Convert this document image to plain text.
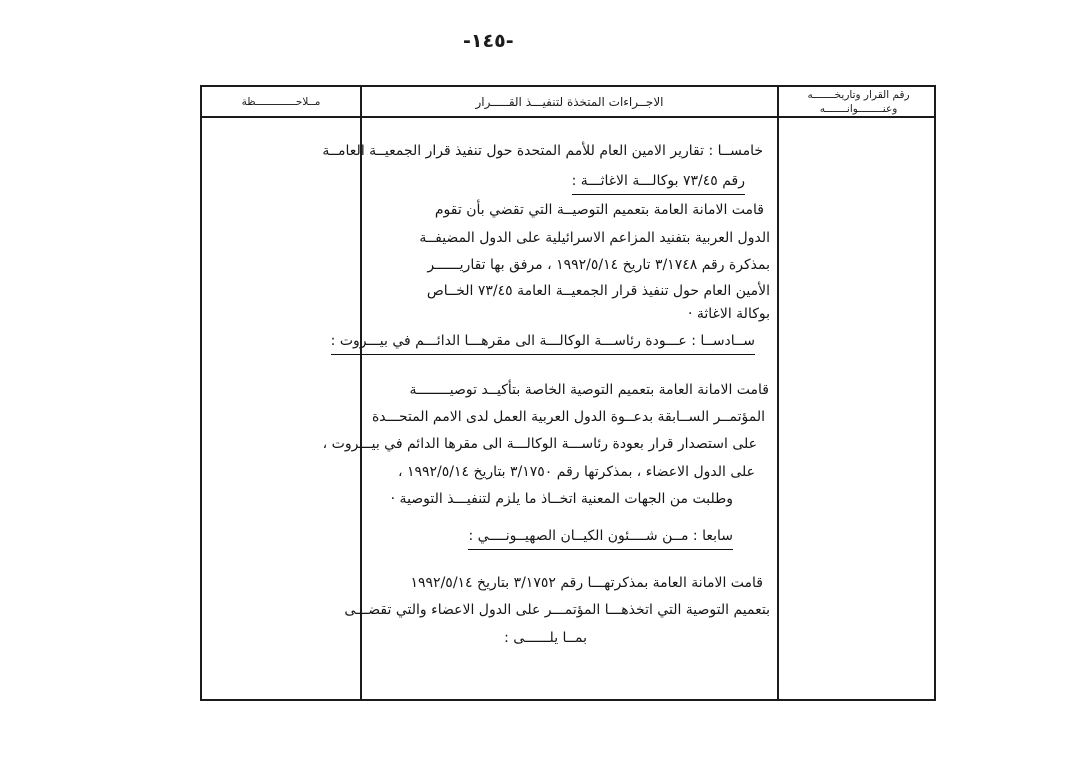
-١٤٥-
مــلاحـــــــــــــظة	الاجــراءات المتخذة لتنفيـــذ القـــــرار	رقم القرار وتاريخـــــــه
وعنــــــــوانـــــــه
خامســا : تقارير الامين العام للأمم المتحدة حول تنفيذ قرار الجمعيــة العامــة
رقم ٧٣/٤٥ بوكالـــة الاغاثـــة :
قامت الامانة العامة بتعميم التوصيــة التي تقضي بأن تقوم
الدول العربية بتفنيد المزاعم الاسرائيلية على الدول المضيفــة
بمذكرة رقم ٣/١٧٤٨ تاريخ ١٩٩٢/٥/١٤ ، مرفق بها تقاريــــــر
الأمين العام حول تنفيذ قرار الجمعيــة العامة ٧٣/٤٥ الخــاص
بوكالة الاغاثة ·
ســادســا : عـــودة رئاســـة الوكالـــة الى مقرهـــا الدائـــم في بيـــروت :
قامت الامانة العامة بتعميم التوصية الخاصة بتأكيــد توصيــــــــة
المؤتمــر الســابقة بدعــوة الدول العربية العمل لدى الامم المتحـــدة
على استصدار قرار بعودة رئاســـة الوكالـــة الى مقرها الدائم في بيـــروت ،
على الدول الاعضاء ، بمذكرتها رقم ٣/١٧٥٠ بتاريخ ١٩٩٢/٥/١٤ ،
وطلبت من الجهات المعنية اتخــاذ ما يلزم لتنفيـــذ التوصية ·
سابعا : مــن شــــئون الكيــان الصهيــونــــي :
قامت الامانة العامة بمذكرتهـــا رقم ٣/١٧٥٢ بتاريخ ١٩٩٢/٥/١٤
بتعميم التوصية التي اتخذهـــا المؤتمـــر على الدول الاعضاء والتي تقضـــى
بمــا يلــــــى :
